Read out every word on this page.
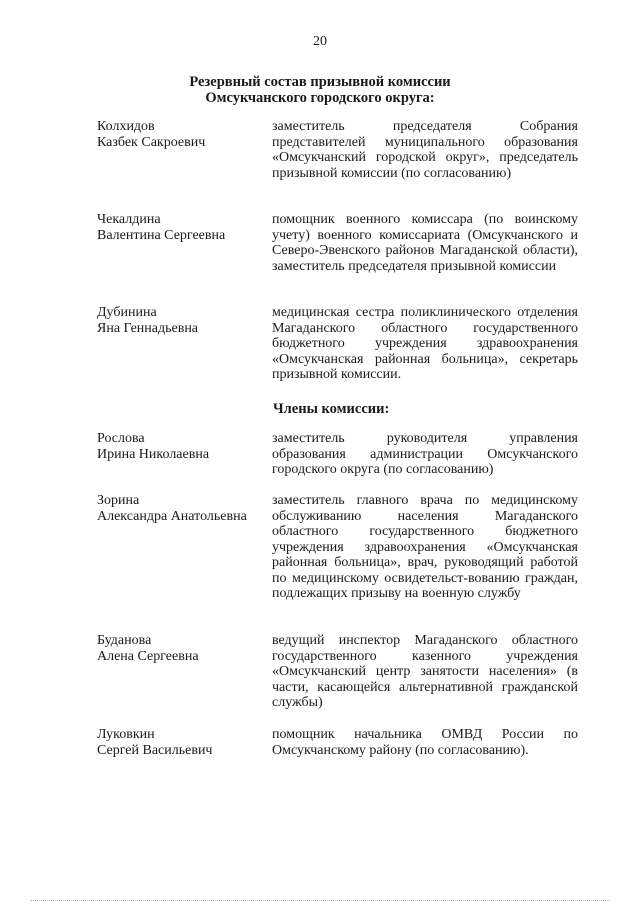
20
Резервный состав призывной комиссии
Омсукчанского городского округа:
Колхидов
Казбек Сакроевич
заместитель председателя Собрания представителей муниципального образования «Омсукчанский городской округ», председатель призывной комиссии (по согласованию)
Чекалдина
Валентина Сергеевна
помощник военного комиссара (по воинскому учету) военного комиссариата (Омсукчанского и Северо-Эвенского районов Магаданской области), заместитель председателя призывной комиссии
Дубинина
Яна Геннадьевна
медицинская сестра поликлинического отделения Магаданского областного государственного бюджетного учреждения здравоохранения «Омсукчанская районная больница», секретарь призывной комиссии.
Члены комиссии:
Рослова
Ирина Николаевна
заместитель руководителя управления образования администрации Омсукчанского городского округа (по согласованию)
Зорина
Александра Анатольевна
заместитель главного врача по медицинскому обслуживанию населения Магаданского областного государственного бюджетного учреждения здравоохранения «Омсукчанская районная больница», врач, руководящий работой по медицинскому освидетельст-вованию граждан, подлежащих призыву на военную службу
Буданова
Алена Сергеевна
ведущий инспектор Магаданского областного государственного казенного учреждения «Омсукчанский центр занятости населения» (в части, касающейся альтернативной гражданской службы)
Луковкин
Сергей Васильевич
помощник начальника ОМВД России по Омсукчанскому району (по согласованию).
